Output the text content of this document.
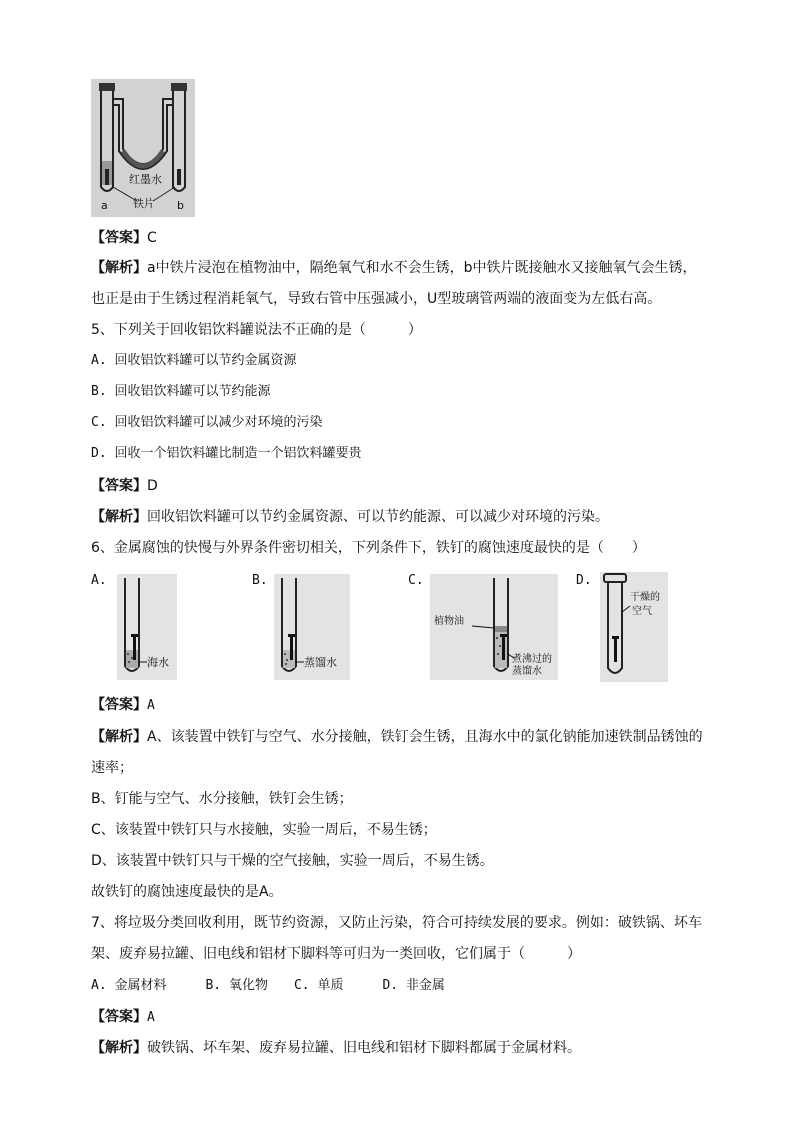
红墨水
铁片
a	b
【答案】C
【解析】a中铁片浸泡在植物油中，隔绝氧气和水不会生锈，b中铁片既接触水又接触氧气会生锈，
也正是由于生锈过程消耗氧气，导致右管中压强减小，U型玻璃管两端的液面变为左低右高。
5、下列关于回收铝饮料罐说法不正确的是（　　　）
A. 回收铝饮料罐可以节约金属资源
B. 回收铝饮料罐可以节约能源
C. 回收铝饮料罐可以减少对环境的污染
D. 回收一个铝饮料罐比制造一个铝饮料罐要贵
【答案】D
【解析】回收铝饮料罐可以节约金属资源、可以节约能源、可以减少对环境的污染。
6、金属腐蚀的快慢与外界条件密切相关，下列条件下，铁钉的腐蚀速度最快的是（　　）
A.
海水
B.
蒸馏水
C.
植物油
煮沸过的
蒸馏水
D.
干燥的
空气
【答案】A
【解析】A、该装置中铁钉与空气、水分接触，铁钉会生锈，且海水中的氯化钠能加速铁制品锈蚀的
速率；
B、钉能与空气、水分接触，铁钉会生锈；
C、该装置中铁钉只与水接触，实验一周后，不易生锈；
D、该装置中铁钉只与干燥的空气接触，实验一周后，不易生锈。
故铁钉的腐蚀速度最快的是A。
7、将垃圾分类回收利用，既节约资源，又防止污染，符合可持续发展的要求。例如：破铁锅、坏车
架、废弃易拉罐、旧电线和铝材下脚料等可归为一类回收，它们属于（　　　）
A. 金属材料　　　B. 氧化物　　C. 单质　　　D. 非金属
【答案】A
【解析】破铁锅、坏车架、废弃易拉罐、旧电线和铝材下脚料都属于金属材料。
